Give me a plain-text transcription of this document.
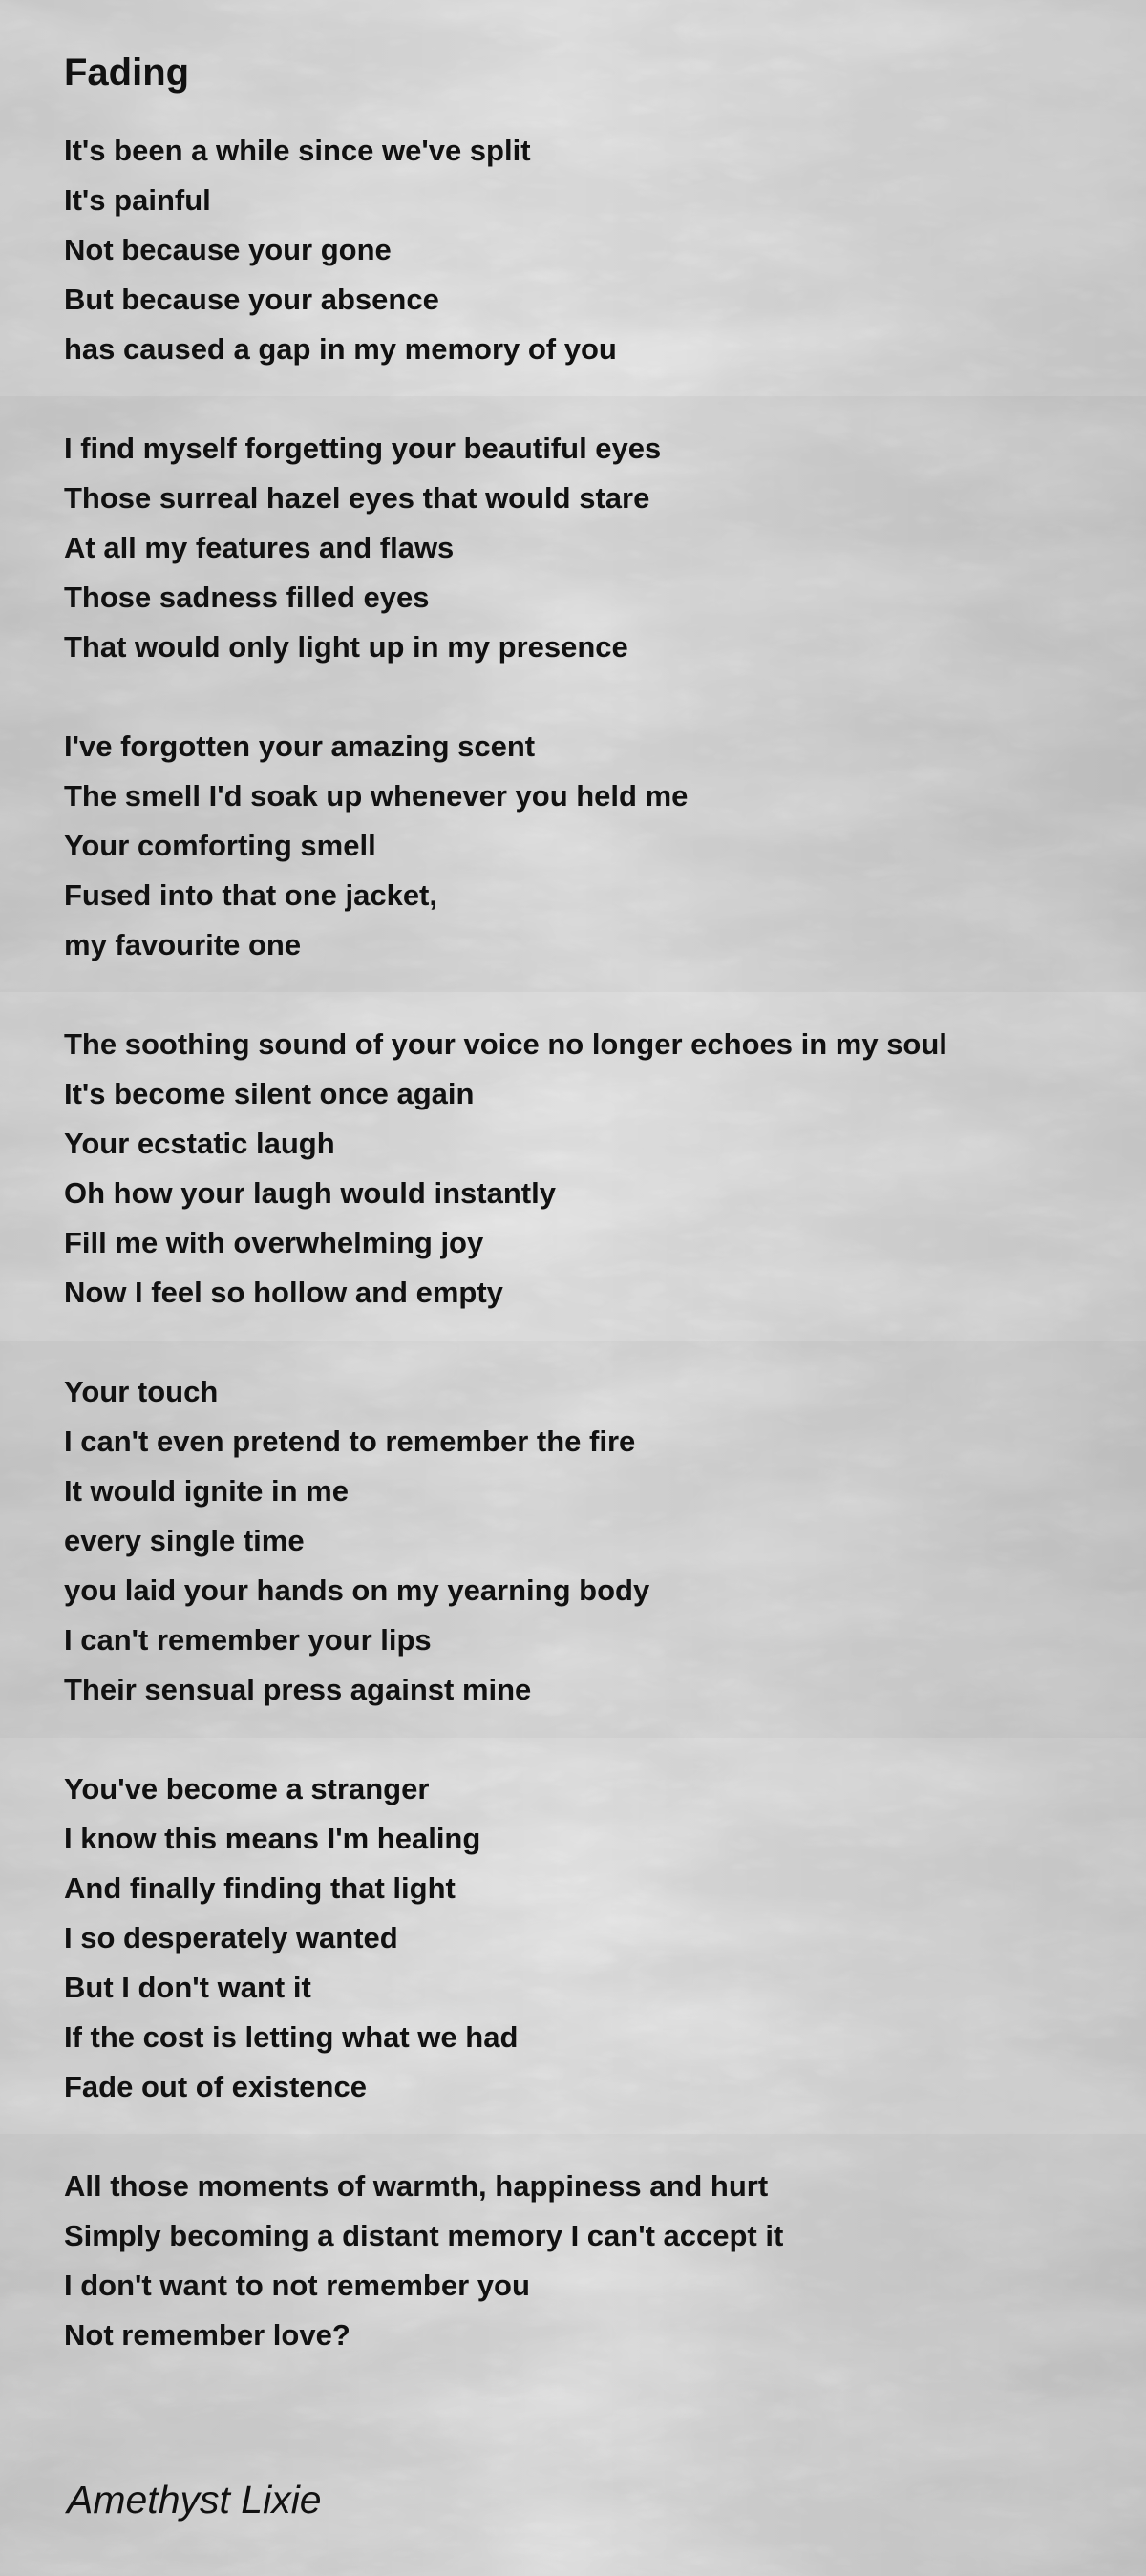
Fading
It's been a while since we've split
It's painful
Not because your gone
But because your absence
has caused a gap in my memory of you
I find myself forgetting your beautiful eyes
Those surreal hazel eyes that would stare
At all my features and flaws
Those sadness filled eyes
That would only light up in my presence
I've forgotten your amazing scent
The smell I'd soak up whenever you held me
Your comforting smell
Fused into that one jacket,
my favourite one
The soothing sound of your voice no longer echoes in my soul
It's become silent once again
Your ecstatic laugh
Oh how your laugh would instantly
Fill me with overwhelming joy
Now I feel so hollow and empty
Your touch
I can't even pretend to remember the fire
It would ignite in me
every single time
you laid your hands on my yearning body
I can't remember your lips
Their sensual press against mine
You've become a stranger
I know this means I'm healing
And finally finding that light
I so desperately wanted
But I don't want it
If the cost is letting what we had
Fade out of existence
All those moments of warmth, happiness and hurt
Simply becoming a distant memory I can't accept it
I don't want to not remember you
Not remember love?
Amethyst Lixie
